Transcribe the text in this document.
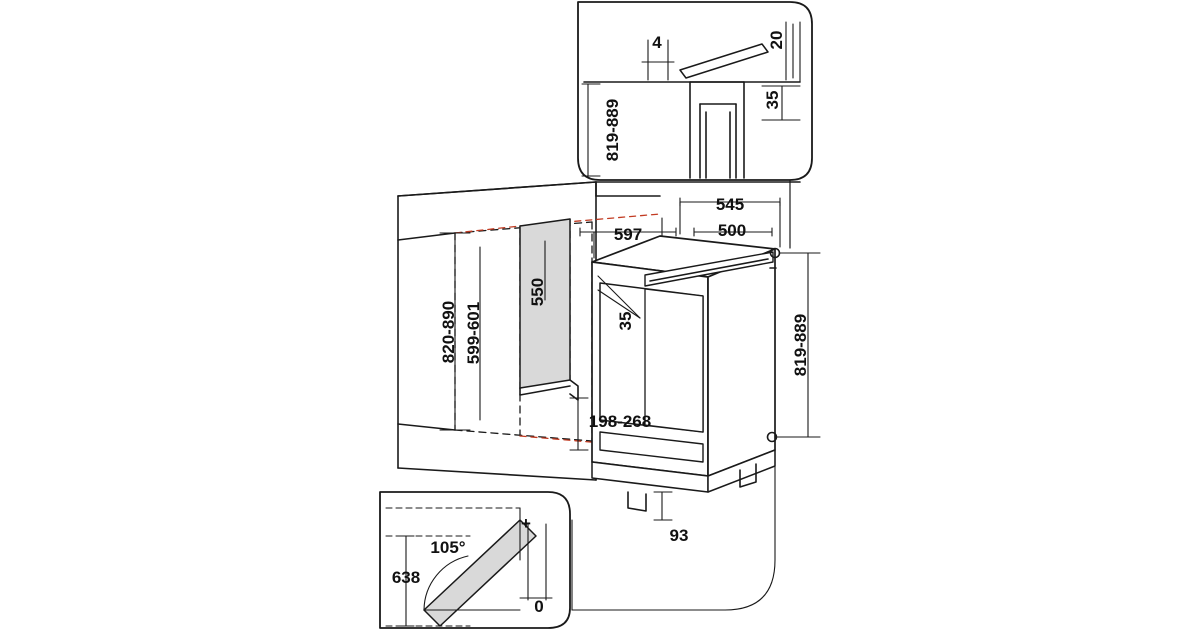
820-890 599-601
550
597
545
500
35	819-889
198-268
93
4	20
35
819-889
105°
638
0
+
